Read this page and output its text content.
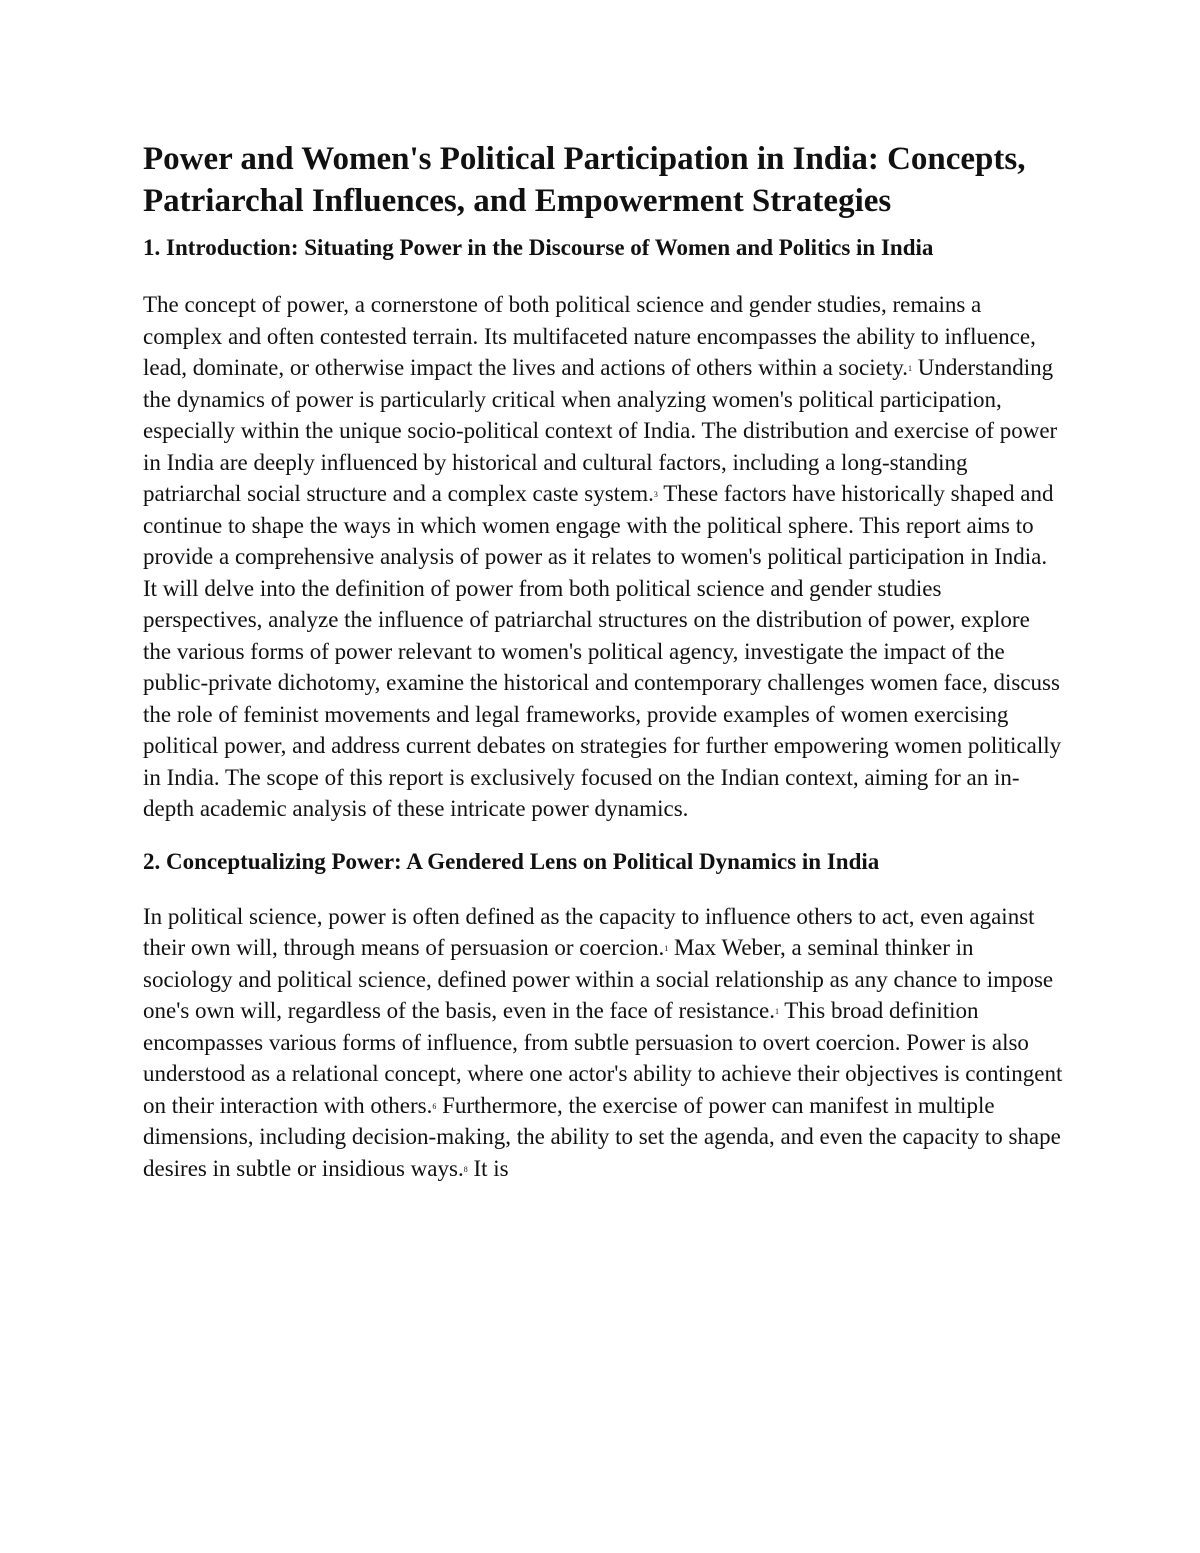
Power and Women's Political Participation in India: Concepts, Patriarchal Influences, and Empowerment Strategies
1. Introduction: Situating Power in the Discourse of Women and Politics in India

The concept of power, a cornerstone of both political science and gender studies, remains a complex and often contested terrain. Its multifaceted nature encompasses the ability to influence, lead, dominate, or otherwise impact the lives and actions of others within a society.$^1$ Understanding the dynamics of power is particularly critical when analyzing women's political participation, especially within the unique socio-political context of India. The distribution and exercise of power in India are deeply influenced by historical and cultural factors, including a long-standing patriarchal social structure and a complex caste system.$^3$ These factors have historically shaped and continue to shape the ways in which women engage with the political sphere. This report aims to provide a comprehensive analysis of power as it relates to women's political participation in India. It will delve into the definition of power from both political science and gender studies perspectives, analyze the influence of patriarchal structures on the distribution of power, explore the various forms of power relevant to women's political agency, investigate the impact of the public-private dichotomy, examine the historical and contemporary challenges women face, discuss the role of feminist movements and legal frameworks, provide examples of women exercising political power, and address current debates on strategies for further empowering women politically in India. The scope of this report is exclusively focused on the Indian context, aiming for an in-depth academic analysis of these intricate power dynamics.

2. Conceptualizing Power: A Gendered Lens on Political Dynamics in India

In political science, power is often defined as the capacity to influence others to act, even against their own will, through means of persuasion or coercion.$^1$ Max Weber, a seminal thinker in sociology and political science, defined power within a social relationship as any chance to impose one's own will, regardless of the basis, even in the face of resistance.$^1$ This broad definition encompasses various forms of influence, from subtle persuasion to overt coercion. Power is also understood as a relational concept, where one actor's ability to achieve their objectives is contingent on their interaction with others.$^6$ Furthermore, the exercise of power can manifest in multiple dimensions, including decision-making, the ability to set the agenda, and even the capacity to shape desires in subtle or insidious ways.$^8$ It is
